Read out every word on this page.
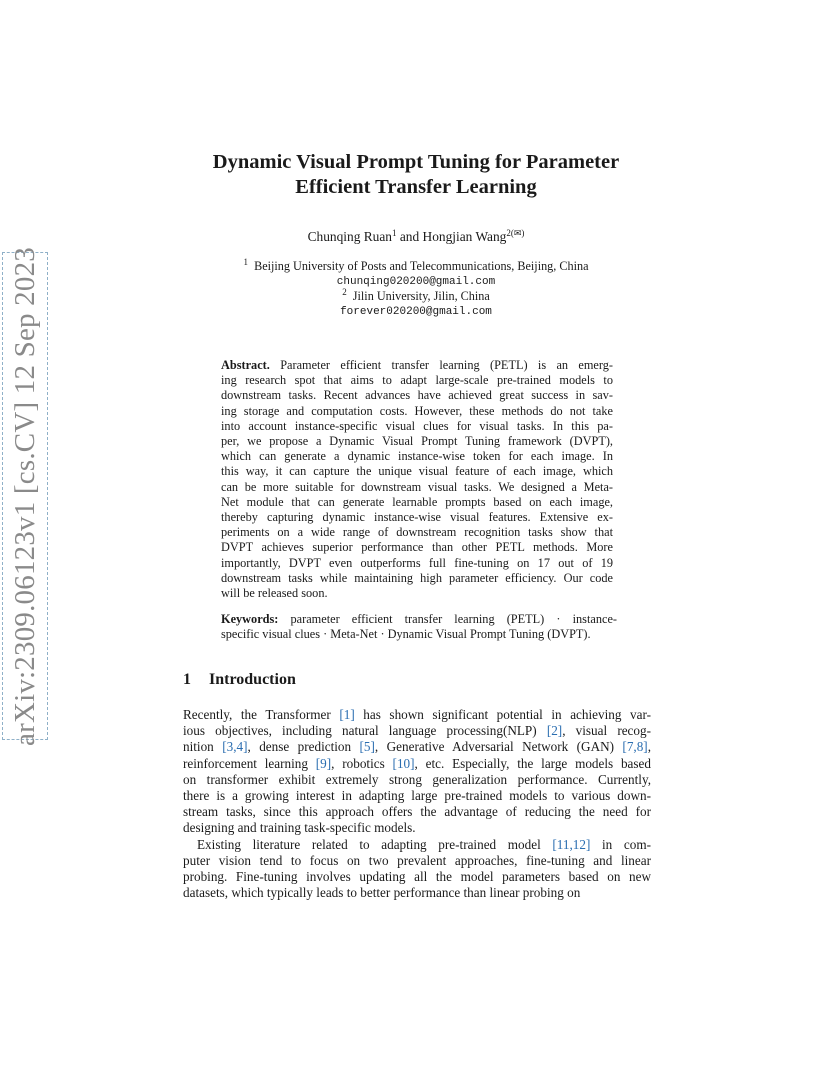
arXiv:2309.06123v1 [cs.CV] 12 Sep 2023
Dynamic Visual Prompt Tuning for Parameter
Efficient Transfer Learning
Chunqing Ruan$^1$ and Hongjian Wang$^{2(✉)}$
$^1$ Beijing University of Posts and Telecommunications, Beijing, China
chunqing020200@gmail.com
$^2$ Jilin University, Jilin, China
forever020200@gmail.com
Abstract. Parameter efficient transfer learning (PETL) is an emerg-
ing research spot that aims to adapt large-scale pre-trained models to
downstream tasks. Recent advances have achieved great success in sav-
ing storage and computation costs. However, these methods do not take
into account instance-specific visual clues for visual tasks. In this pa-
per, we propose a Dynamic Visual Prompt Tuning framework (DVPT),
which can generate a dynamic instance-wise token for each image. In
this way, it can capture the unique visual feature of each image, which
can be more suitable for downstream visual tasks. We designed a Meta-
Net module that can generate learnable prompts based on each image,
thereby capturing dynamic instance-wise visual features. Extensive ex-
periments on a wide range of downstream recognition tasks show that
DVPT achieves superior performance than other PETL methods. More
importantly, DVPT even outperforms full fine-tuning on 17 out of 19
downstream tasks while maintaining high parameter efficiency. Our code
will be released soon.
Keywords: parameter efficient transfer learning (PETL) · instance-
specific visual clues · Meta-Net · Dynamic Visual Prompt Tuning (DVPT).
1 Introduction
Recently, the Transformer [1] has shown significant potential in achieving var-
ious objectives, including natural language processing(NLP) [2], visual recog-
nition [3,4], dense prediction [5], Generative Adversarial Network (GAN) [7,8],
reinforcement learning [9], robotics [10], etc. Especially, the large models based
on transformer exhibit extremely strong generalization performance. Currently,
there is a growing interest in adapting large pre-trained models to various down-
stream tasks, since this approach offers the advantage of reducing the need for
designing and training task-specific models.
Existing literature related to adapting pre-trained model [11,12] in com-
puter vision tend to focus on two prevalent approaches, fine-tuning and linear
probing. Fine-tuning involves updating all the model parameters based on new
datasets, which typically leads to better performance than linear probing on
